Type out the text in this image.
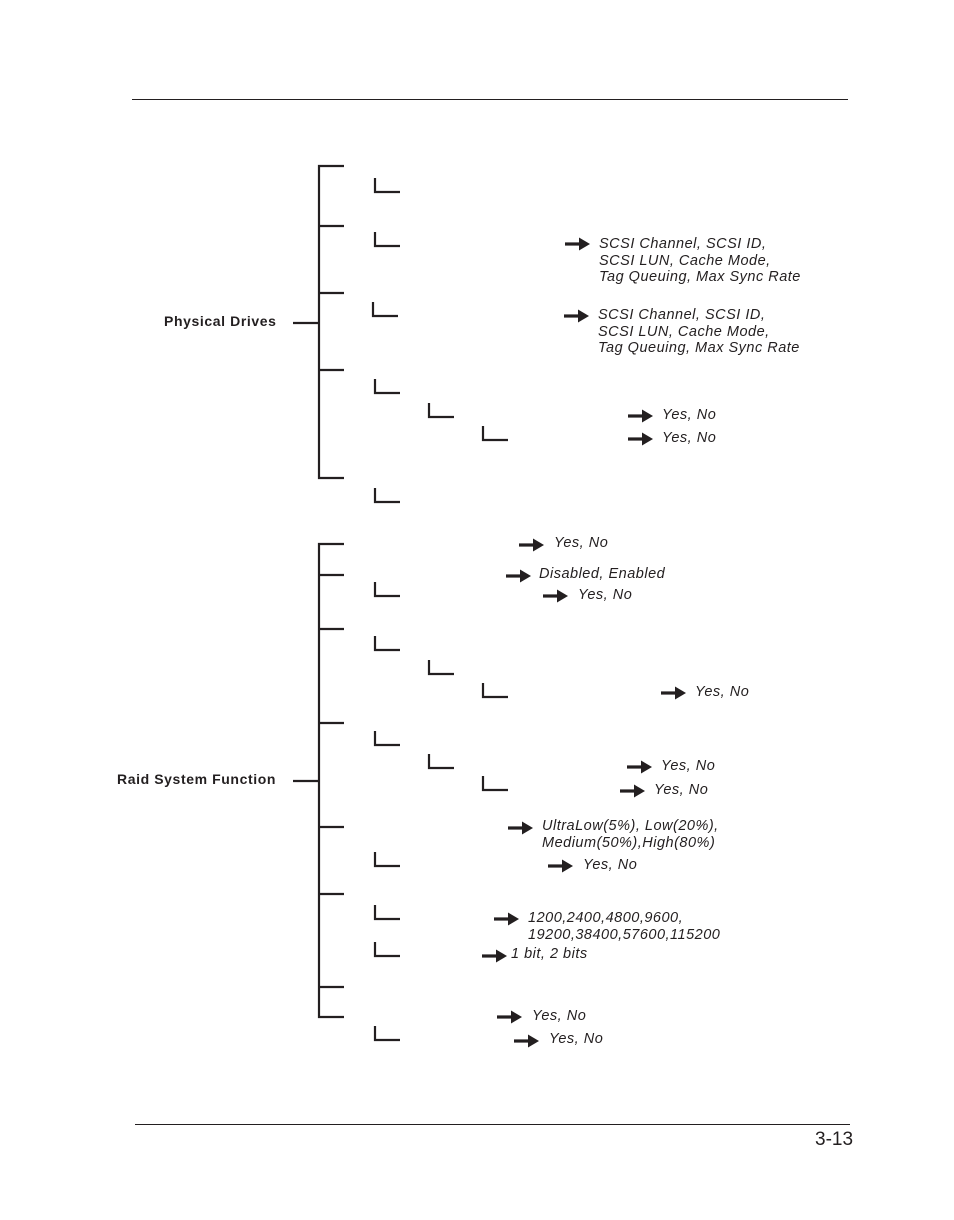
Physical Drives
Raid System Function
SCSI Channel, SCSI ID,
SCSI LUN, Cache Mode,
Tag Queuing, Max Sync Rate
SCSI Channel, SCSI ID,
SCSI LUN, Cache Mode,
Tag Queuing, Max Sync Rate
Yes, No
Yes, No
Yes, No
Disabled, Enabled
Yes, No
Yes, No
Yes, No
Yes, No
UltraLow(5%), Low(20%),
Medium(50%),High(80%)
Yes, No
1200,2400,4800,9600,
19200,38400,57600,115200
1 bit, 2 bits
Yes, No
Yes, No
3-13
